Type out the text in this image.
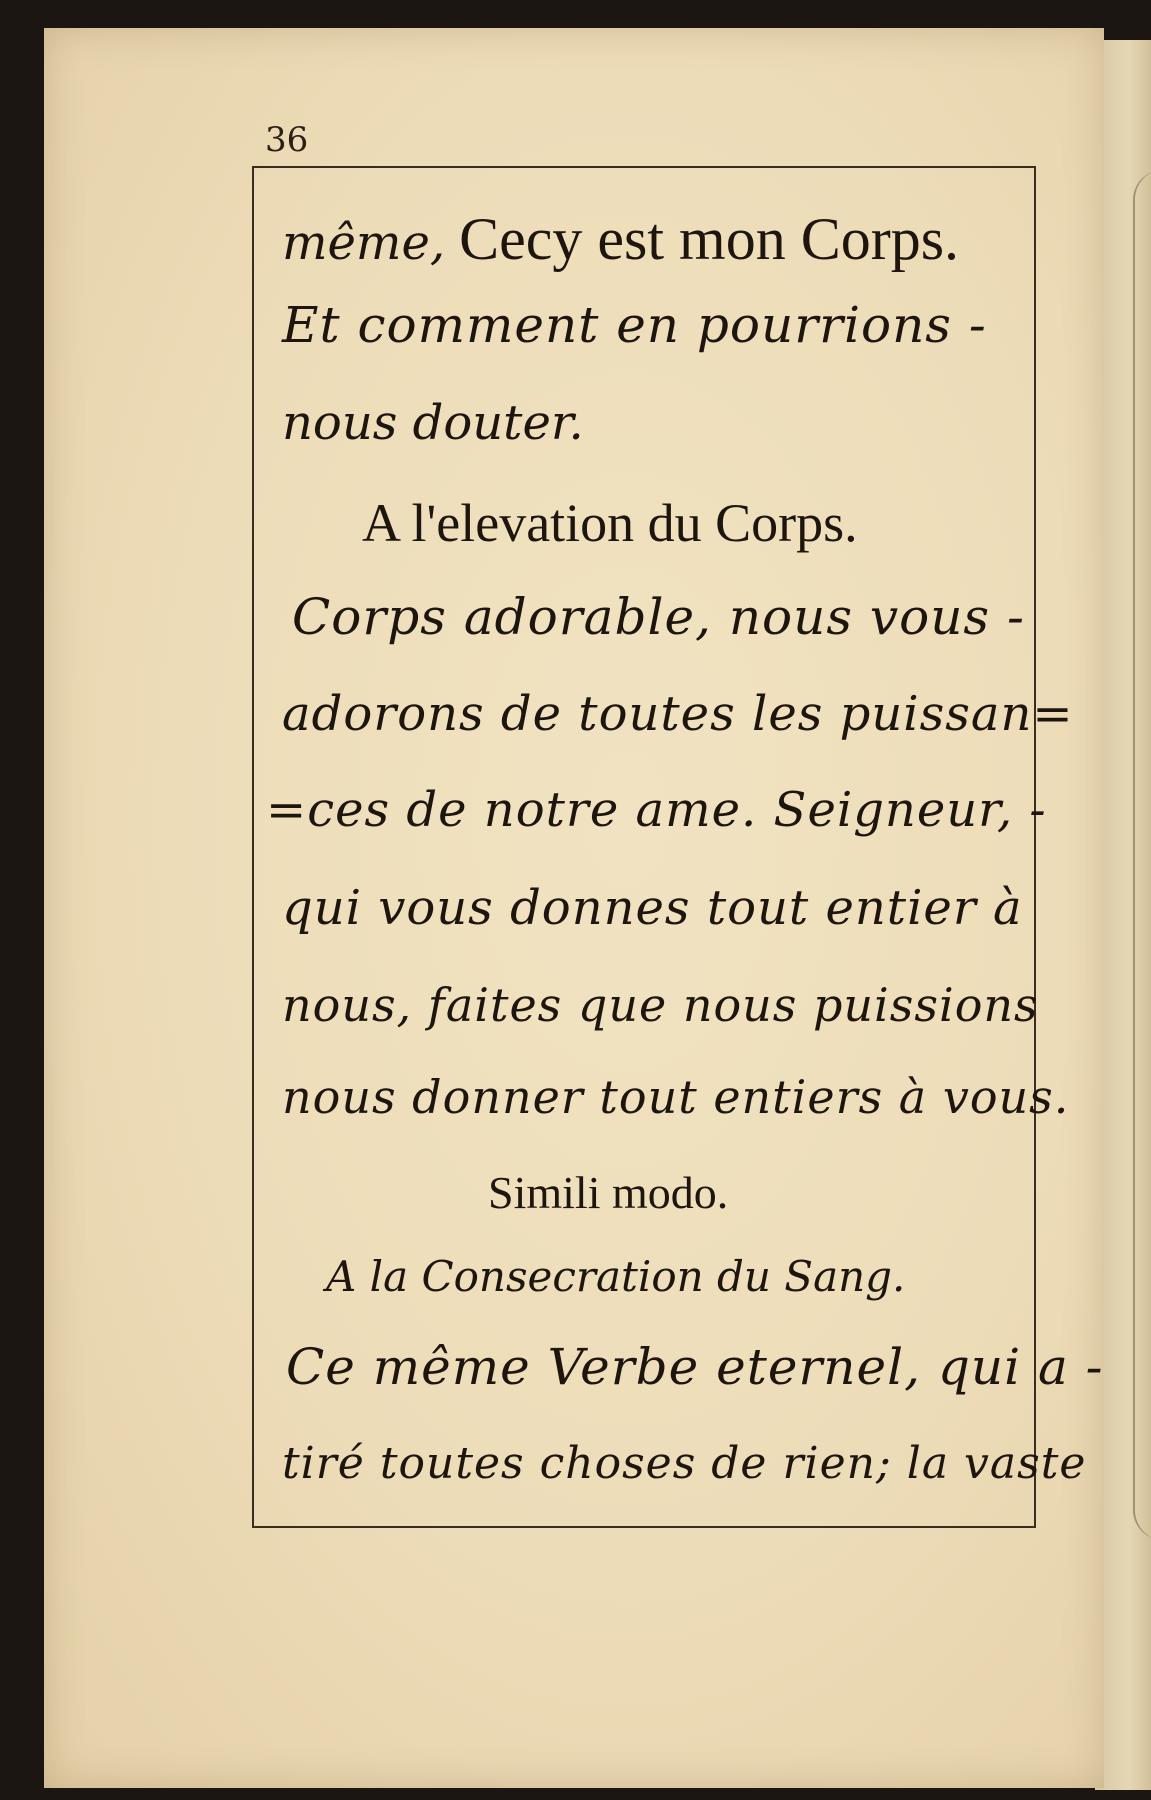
36
même, Cecy est mon Corps.
Et comment en pourrions -
nous douter.
A l'elevation du Corps.
Corps adorable, nous vous -
adorons de toutes les puissan=
=ces de notre ame. Seigneur, -
qui vous donnes tout entier à
nous, faites que nous puissions
nous donner tout entiers à vous.
Simili modo.
A la Consecration du Sang.
Ce même Verbe eternel, qui a -
tiré toutes choses de rien; la vaste
